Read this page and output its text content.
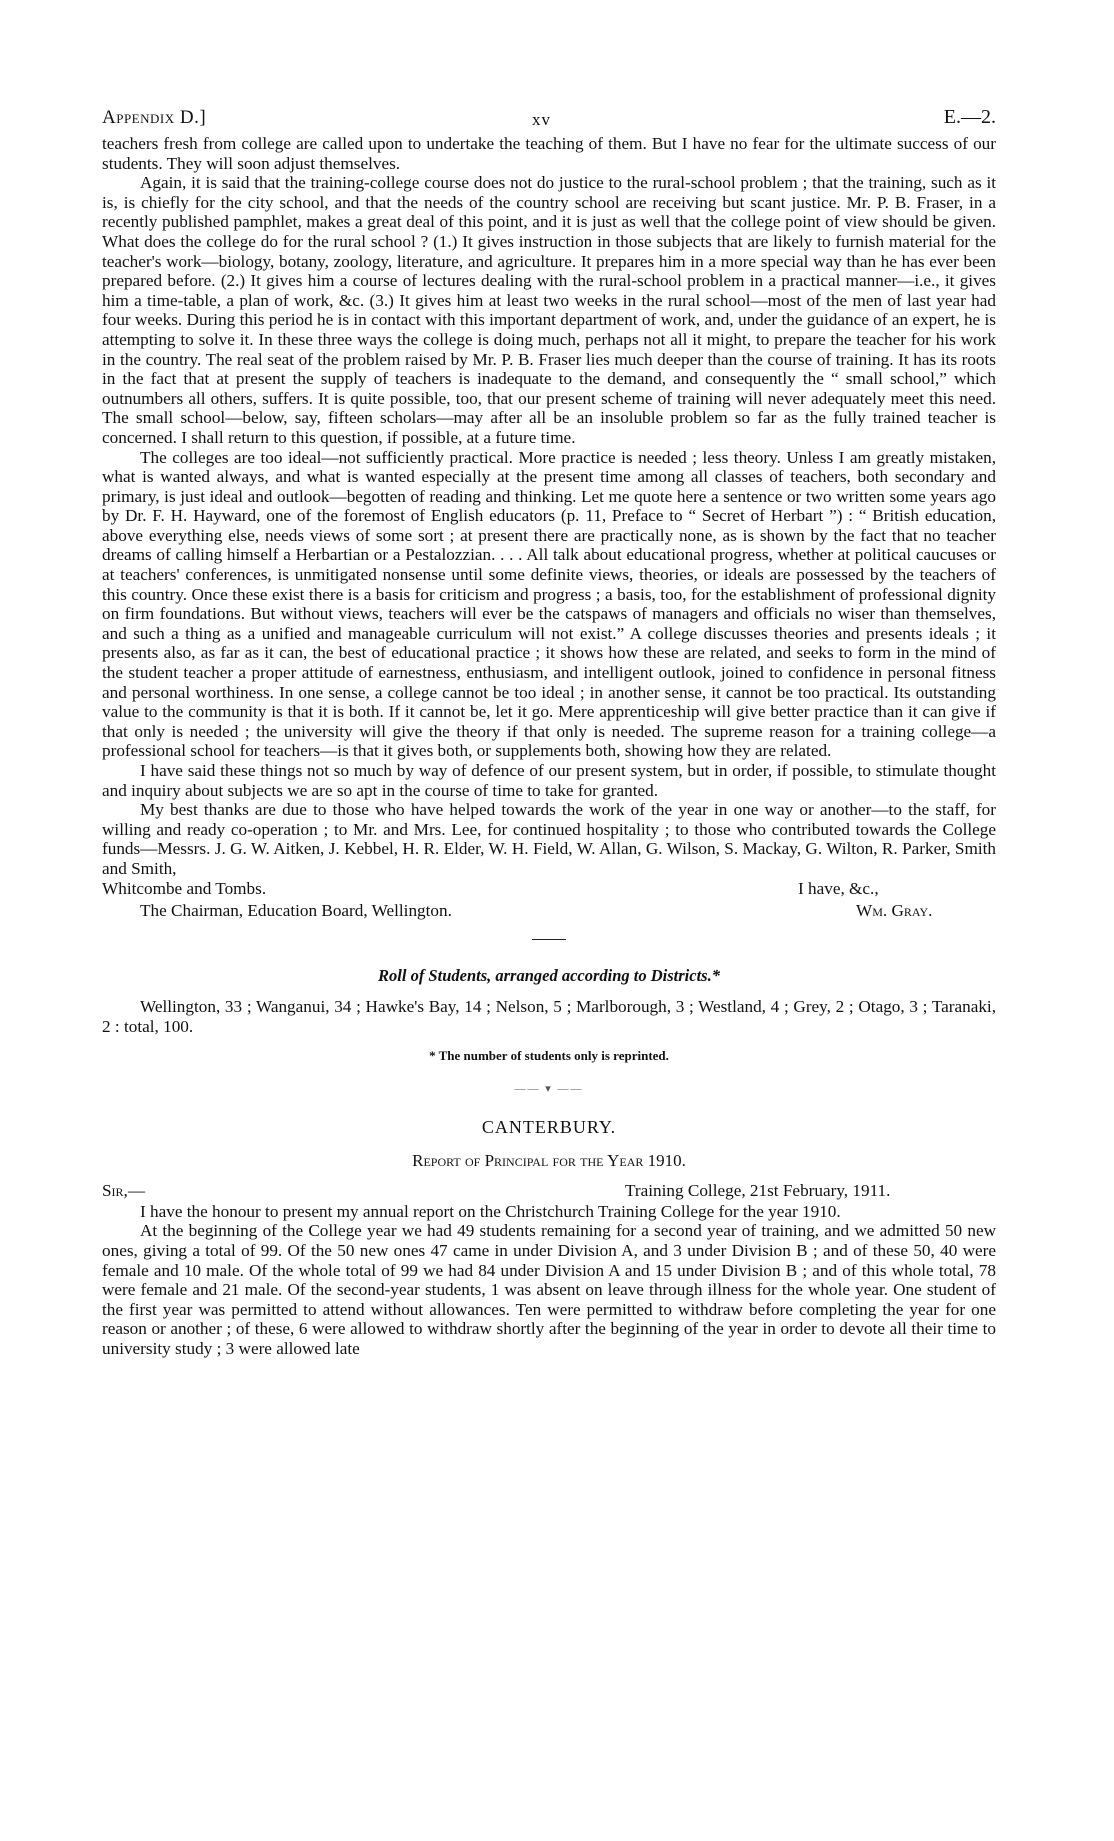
Appendix D.]	xv	E.—2.

teachers fresh from college are called upon to undertake the teaching of them. But I have no fear for the ultimate success of our students. They will soon adjust themselves.

Again, it is said that the training-college course does not do justice to the rural-school problem ; that the training, such as it is, is chiefly for the city school, and that the needs of the country school are receiving but scant justice. Mr. P. B. Fraser, in a recently published pamphlet, makes a great deal of this point, and it is just as well that the college point of view should be given. What does the college do for the rural school ? (1.) It gives instruction in those subjects that are likely to furnish material for the teacher's work—biology, botany, zoology, literature, and agriculture. It prepares him in a more special way than he has ever been prepared before. (2.) It gives him a course of lectures dealing with the rural-school problem in a practical manner—i.e., it gives him a time-table, a plan of work, &c. (3.) It gives him at least two weeks in the rural school—most of the men of last year had four weeks. During this period he is in contact with this important department of work, and, under the guidance of an expert, he is attempting to solve it. In these three ways the college is doing much, perhaps not all it might, to prepare the teacher for his work in the country. The real seat of the problem raised by Mr. P. B. Fraser lies much deeper than the course of training. It has its roots in the fact that at present the supply of teachers is inadequate to the demand, and consequently the “ small school,” which outnumbers all others, suffers. It is quite possible, too, that our present scheme of training will never adequately meet this need. The small school—below, say, fifteen scholars—may after all be an insoluble problem so far as the fully trained teacher is concerned. I shall return to this question, if possible, at a future time.

The colleges are too ideal—not sufficiently practical. More practice is needed ; less theory. Unless I am greatly mistaken, what is wanted always, and what is wanted especially at the present time among all classes of teachers, both secondary and primary, is just ideal and outlook—begotten of reading and thinking. Let me quote here a sentence or two written some years ago by Dr. F. H. Hayward, one of the foremost of English educators (p. 11, Preface to “ Secret of Herbart ”) : “ British education, above everything else, needs views of some sort ; at present there are practically none, as is shown by the fact that no teacher dreams of calling himself a Herbartian or a Pestalozzian. . . . All talk about educational progress, whether at political caucuses or at teachers' conferences, is unmitigated nonsense until some definite views, theories, or ideals are possessed by the teachers of this country. Once these exist there is a basis for criticism and progress ; a basis, too, for the establishment of professional dignity on firm foundations. But without views, teachers will ever be the catspaws of managers and officials no wiser than themselves, and such a thing as a unified and manageable curriculum will not exist.” A college discusses theories and presents ideals ; it presents also, as far as it can, the best of educational practice ; it shows how these are related, and seeks to form in the mind of the student teacher a proper attitude of earnestness, enthusiasm, and intelligent outlook, joined to confidence in personal fitness and personal worthiness. In one sense, a college cannot be too ideal ; in another sense, it cannot be too practical. Its outstanding value to the community is that it is both. If it cannot be, let it go. Mere apprenticeship will give better practice than it can give if that only is needed ; the university will give the theory if that only is needed. The supreme reason for a training college—a professional school for teachers—is that it gives both, or supplements both, showing how they are related.

I have said these things not so much by way of defence of our present system, but in order, if possible, to stimulate thought and inquiry about subjects we are so apt in the course of time to take for granted.

My best thanks are due to those who have helped towards the work of the year in one way or another—to the staff, for willing and ready co-operation ; to Mr. and Mrs. Lee, for continued hospitality ; to those who contributed towards the College funds—Messrs. J. G. W. Aitken, J. Kebbel, H. R. Elder, W. H. Field, W. Allan, G. Wilson, S. Mackay, G. Wilton, R. Parker, Smith and Smith,

Whitcombe and Tombs.	I have, &c.,
The Chairman, Education Board, Wellington.	Wm. Gray.
Roll of Students, arranged according to Districts.*

Wellington, 33 ; Wanganui, 34 ; Hawke's Bay, 14 ; Nelson, 5 ; Marlborough, 3 ; Westland, 4 ; Grey, 2 ; Otago, 3 ; Taranaki, 2 : total, 100.

* The number of students only is reprinted.
—— ▾ ——
CANTERBURY.
Report of Principal for the Year 1910.
Sir,—	Training College, 21st February, 1911.

I have the honour to present my annual report on the Christchurch Training College for the year 1910.

At the beginning of the College year we had 49 students remaining for a second year of training, and we admitted 50 new ones, giving a total of 99. Of the 50 new ones 47 came in under Division A, and 3 under Division B ; and of these 50, 40 were female and 10 male. Of the whole total of 99 we had 84 under Division A and 15 under Division B ; and of this whole total, 78 were female and 21 male. Of the second-year students, 1 was absent on leave through illness for the whole year. One student of the first year was permitted to attend without allowances. Ten were permitted to withdraw before completing the year for one reason or another ; of these, 6 were allowed to withdraw shortly after the beginning of the year in order to devote all their time to university study ; 3 were allowed late
